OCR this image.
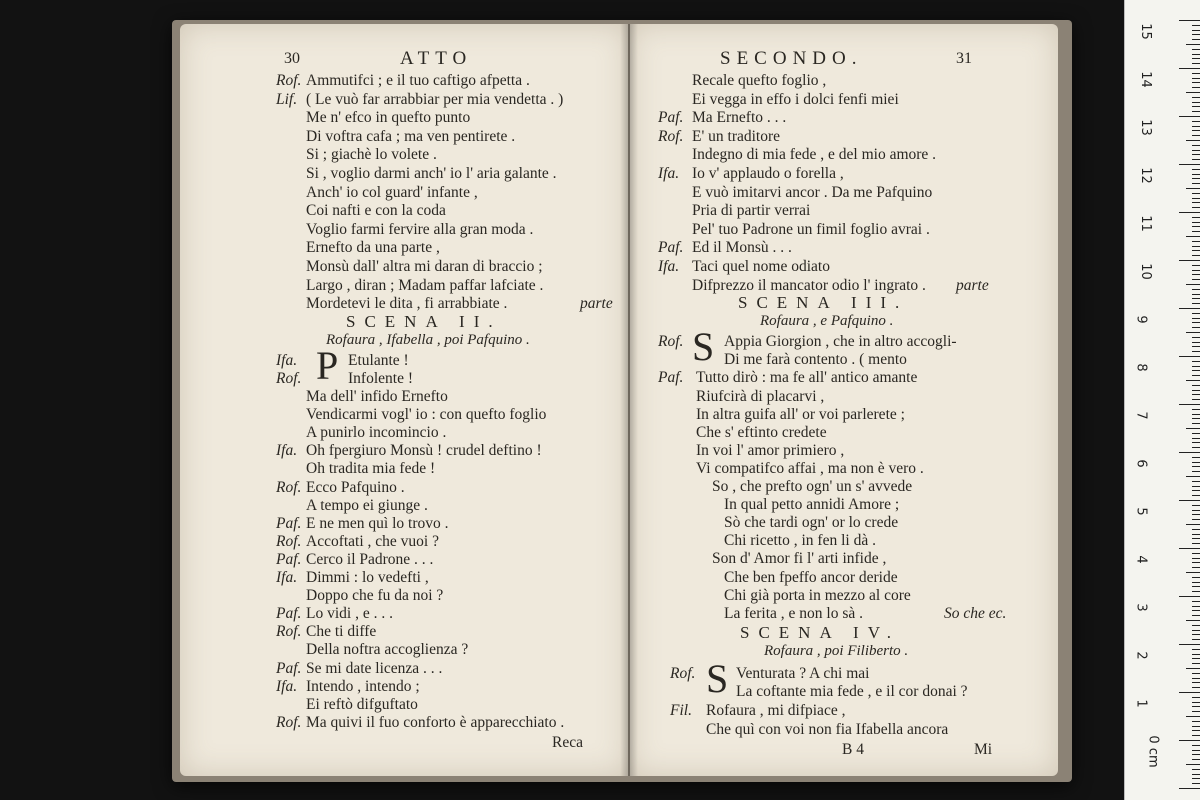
30	ATTO
Rof. Ammutifci ; e il tuo caftigo afpetta .
Lif. ( Le vuò far arrabbiar per mia vendetta . )
Me n' efco in quefto punto
Di voftra cafa ; ma ven pentirete .
Si ; giachè lo volete .
Si , voglio darmi anch' io l' aria galante .
Anch' io col guard' infante ,
Coi nafti e con la coda
Voglio farmi fervire alla gran moda .
Ernefto da una parte ,
Monsù dall' altra mi daran di braccio ;
Largo , diran ; Madam paffar lafciate .
Mordetevi le dita , fi arrabbiate .	parte
SCENA II.
Rofaura , Ifabella , poi Pafquino .
P
Ifa.	Etulante !
Rof.	Infolente !
Ma dell' infido Ernefto
Vendicarmi vogl' io : con quefto foglio
A punirlo incomincio .
Ifa. Oh fpergiuro Monsù ! crudel deftino !
Oh tradita mia fede !
Rof. Ecco Pafquino .
A tempo ei giunge .
Paf. E ne men quì lo trovo .
Rof. Accoftati , che vuoi ?
Paf. Cerco il Padrone . . .
Ifa. Dimmi : lo vedefti ,
Doppo che fu da noi ?
Paf. Lo vidi , e . . .
Rof. Che ti diffe
Della noftra accoglienza ?
Paf. Se mi date licenza . . .
Ifa. Intendo , intendo ;
Ei reftò difguftato
Rof. Ma quivi il fuo conforto è apparecchiato .
Reca
SECONDO.	31
Recale quefto foglio ,
Ei vegga in effo i dolci fenfi miei
Paf. Ma Ernefto . . .
Rof. E' un traditore
Indegno di mia fede , e del mio amore .
Ifa. Io v' applaudo o forella ,
E vuò imitarvi ancor . Da me Pafquino
Pria di partir verrai
Pel' tuo Padrone un fimil foglio avrai .
Paf. Ed il Monsù . . .
Ifa. Taci quel nome odiato
Difprezzo il mancator odio l' ingrato . parte
SCENA III.
Rofaura , e Pafquino .
S
Rof.	Appia Giorgion , che in altro accogli-
Di me farà contento . ( mento
Paf. Tutto dirò : ma fe all' antico amante
Riufcirà di placarvi ,
In altra guifa all' or voi parlerete ;
Che s' eftinto credete
In voi l' amor primiero ,
Vi compatifco affai , ma non è vero .
So , che prefto ogn' un s' avvede
In qual petto annidi Amore ;
Sò che tardi ogn' or lo crede
Chi ricetto , in fen li dà .
Son d' Amor fi l' arti infide ,
Che ben fpeffo ancor deride
Chi già porta in mezzo al core
La ferita , e non lo sà .	So che ec.
SCENA IV.
Rofaura , poi Filiberto .
S
Rof.	Venturata ? A chi mai
La coftante mia fede , e il cor donai ?
Fil. Rofaura , mi difpiace ,
Che quì con voi non fia Ifabella ancora
B 4	Mi
15
14
13
12
11
10
9
8
7
6
5
4
3
2
1
0 cm
